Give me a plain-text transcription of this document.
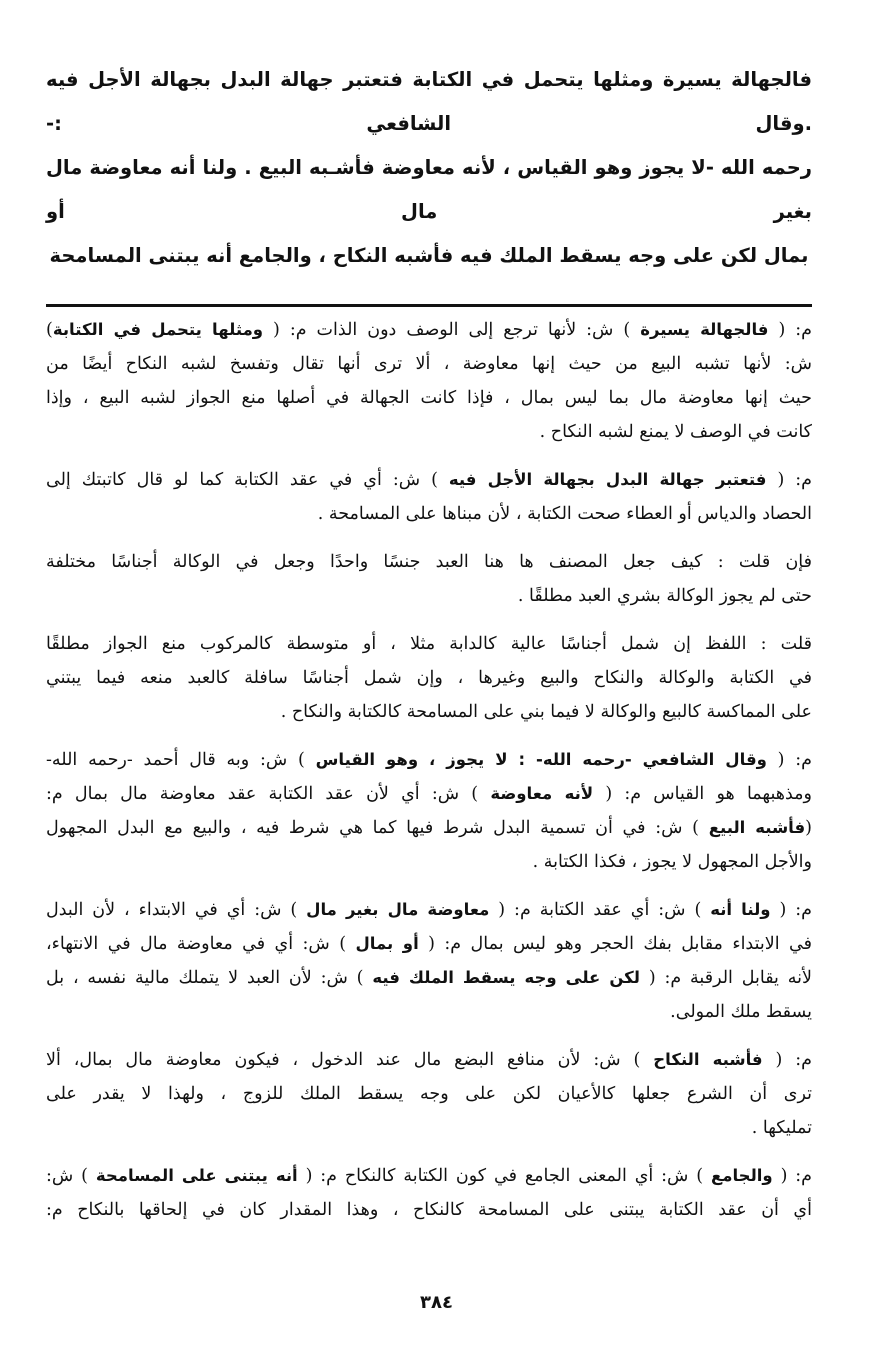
فالجهالة يسيرة ومثلها يتحمل في الكتابة فتعتبر جهالة البدل بجهالة الأجل فيه .وقال الشافعي :-
رحمه الله -لا يجوز وهو القياس ، لأنه معاوضة فأشـبه البيع . ولنا أنه معاوضة مال بغير مال أو
بمال لكن على وجه يسقط الملك فيه فأشبه النكاح ، والجامع أنه يبتنى المسامحة
م: ( فالجهالة يسيرة ) ش: لأنها ترجع إلى الوصف دون الذات م: ( ومثلها يتحمل في الكتابة)
ش: لأنها تشبه البيع من حيث إنها معاوضة ، ألا ترى أنها تقال وتفسخ لشبه النكاح أيضًا من
حيث إنها معاوضة مال بما ليس بمال ، فإذا كانت الجهالة في أصلها منع الجواز لشبه البيع ، وإذا
كانت في الوصف لا يمنع لشبه النكاح .
م: ( فتعتبر جهالة البدل بجهالة الأجل فيه ) ش: أي في عقد الكتابة كما لو قال كاتبتك إلى
الحصاد والدياس أو العطاء صحت الكتابة ، لأن مبناها على المسامحة .
فإن قلت : كيف جعل المصنف ها هنا العبد جنسًا واحدًا وجعل في الوكالة أجناسًا مختلفة
حتى لم يجوز الوكالة بشري العبد مطلقًا .
قلت : اللفظ إن شمل أجناسًا عالية كالدابة مثلا ، أو متوسطة كالمركوب منع الجواز مطلقًا
في الكتابة والوكالة والنكاح والبيع وغيرها ، وإن شمل أجناسًا سافلة كالعبد منعه فيما يبتني
على المماكسة كالبيع والوكالة لا فيما بني على المسامحة كالكتابة والنكاح .
م: ( وقال الشافعي -رحمه الله- : لا يجوز ، وهو القياس ) ش: وبه قال أحمد -رحمه الله-
ومذهبهما هو القياس م: ( لأنه معاوضة ) ش: أي لأن عقد الكتابة عقد معاوضة مال بمال م:
(فأشبه البيع ) ش: في أن تسمية البدل شرط فيها كما هي شرط فيه ، والبيع مع البدل المجهول
والأجل المجهول لا يجوز ، فكذا الكتابة .
م: ( ولنا أنه ) ش: أي عقد الكتابة م: ( معاوضة مال بغير مال ) ش: أي في الابتداء ، لأن البدل
في الابتداء مقابل بفك الحجر وهو ليس بمال م: ( أو بمال ) ش: أي في معاوضة مال في الانتهاء،
لأنه يقابل الرقبة م: ( لكن على وجه يسقط الملك فيه ) ش: لأن العبد لا يتملك مالية نفسه ، بل
يسقط ملك المولى.
م: ( فأشبه النكاح ) ش: لأن منافع البضع مال عند الدخول ، فيكون معاوضة مال بمال، ألا
ترى أن الشرع جعلها كالأعيان لكن على وجه يسقط الملك للزوج ، ولهذا لا يقدر على
تمليكها .
م: ( والجامع ) ش: أي المعنى الجامع في كون الكتابة كالنكاح م: ( أنه يبتنى على المسامحة ) ش:
أي أن عقد الكتابة يبتنى على المسامحة كالنكاح ، وهذا المقدار كان في إلحاقها بالنكاح م:
٣٨٤
